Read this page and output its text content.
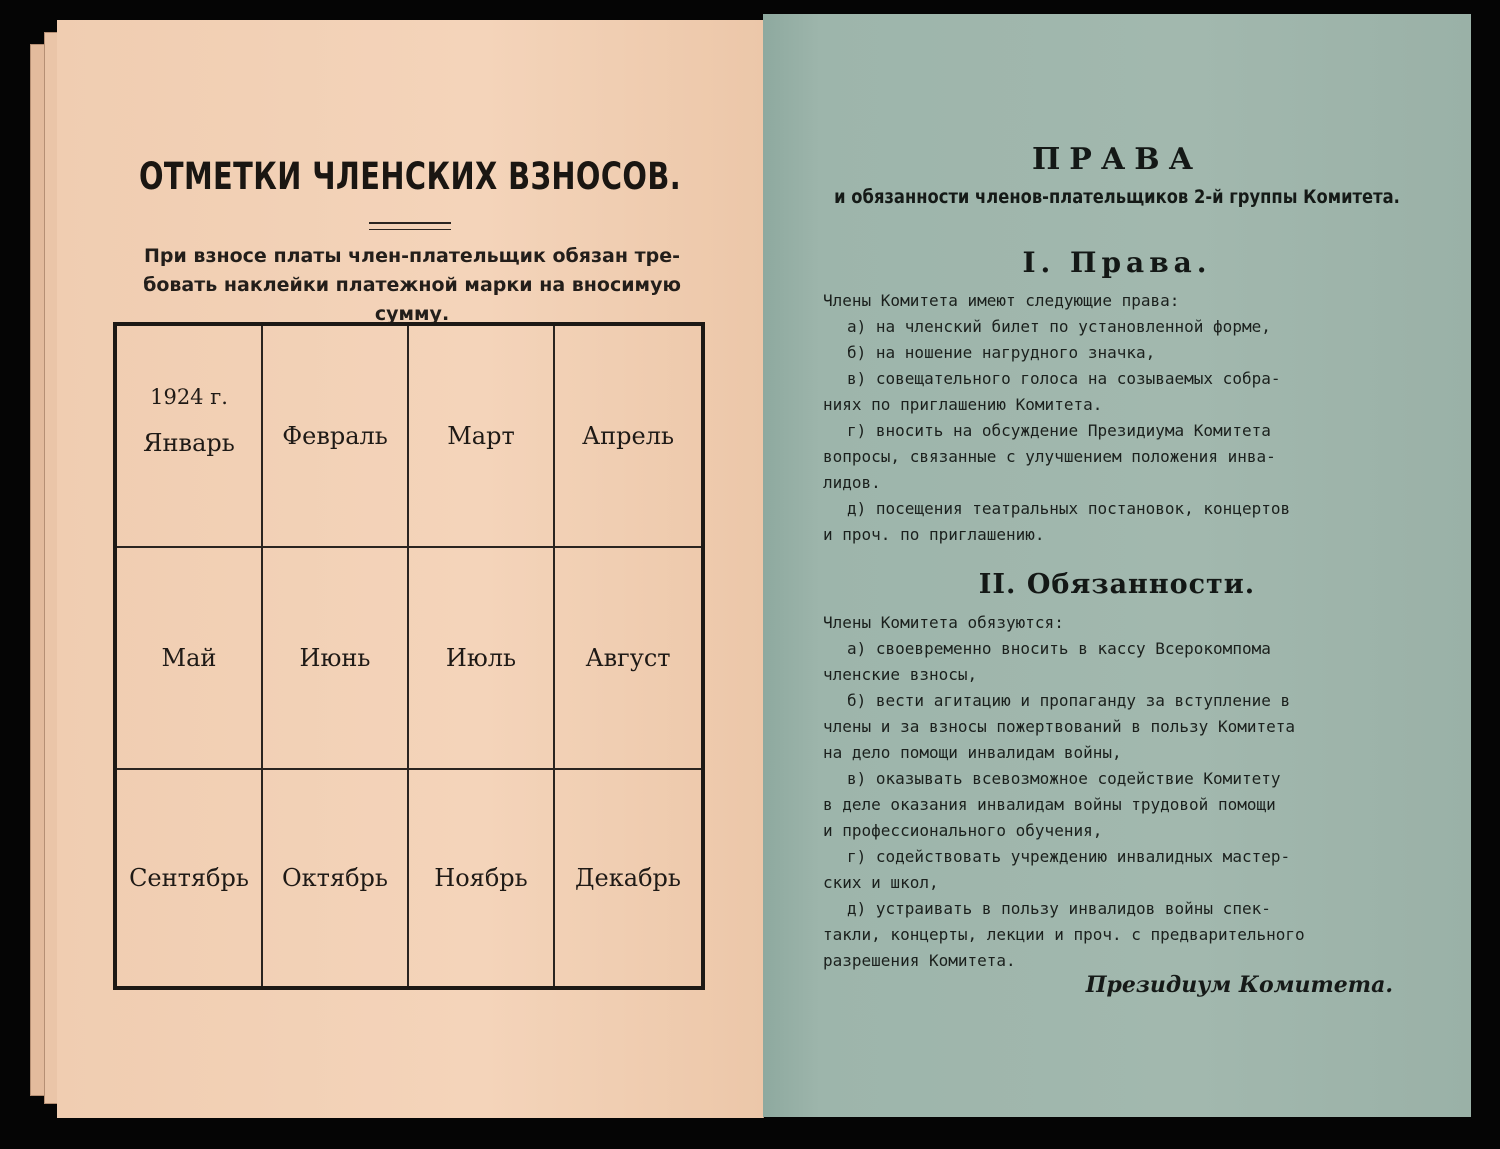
ОТМЕТКИ ЧЛЕНСКИХ ВЗНОСОВ.
При взносе платы член-плательщик обязан тре-
бовать наклейки платежной марки на вносимую
сумму.
1924 г.
Январь Февраль Март	Апрель
Май	Июнь	Июль	Август
Сентябрь Октябрь Ноябрь Декабрь
ПРАВА
и обязанности членов-плательщиков 2-й группы Комитета.
I. Права.
Члены Комитета имеют следующие права:
а) на членский билет по установленной форме,
б) на ношение нагрудного значка,
в) совещательного голоса на созываемых собра-
ниях по приглашению Комитета.
г) вносить на обсуждение Президиума Комитета
вопросы, связанные с улучшением положения инва-
лидов.
д) посещения театральных постановок, концертов
и проч. по приглашению.
II. Обязанности.
Члены Комитета обязуются:
а) своевременно вносить в кассу Всерокомпома
членские взносы,
б) вести агитацию и пропаганду за вступление в
члены и за взносы пожертвований в пользу Комитета
на дело помощи инвалидам войны,
в) оказывать всевозможное содействие Комитету
в деле оказания инвалидам войны трудовой помощи
и профессионального обучения,
г) содействовать учреждению инвалидных мастер-
ских и школ,
д) устраивать в пользу инвалидов войны спек-
такли, концерты, лекции и проч. с предварительного
разрешения Комитета.
Президиум Комитета.
